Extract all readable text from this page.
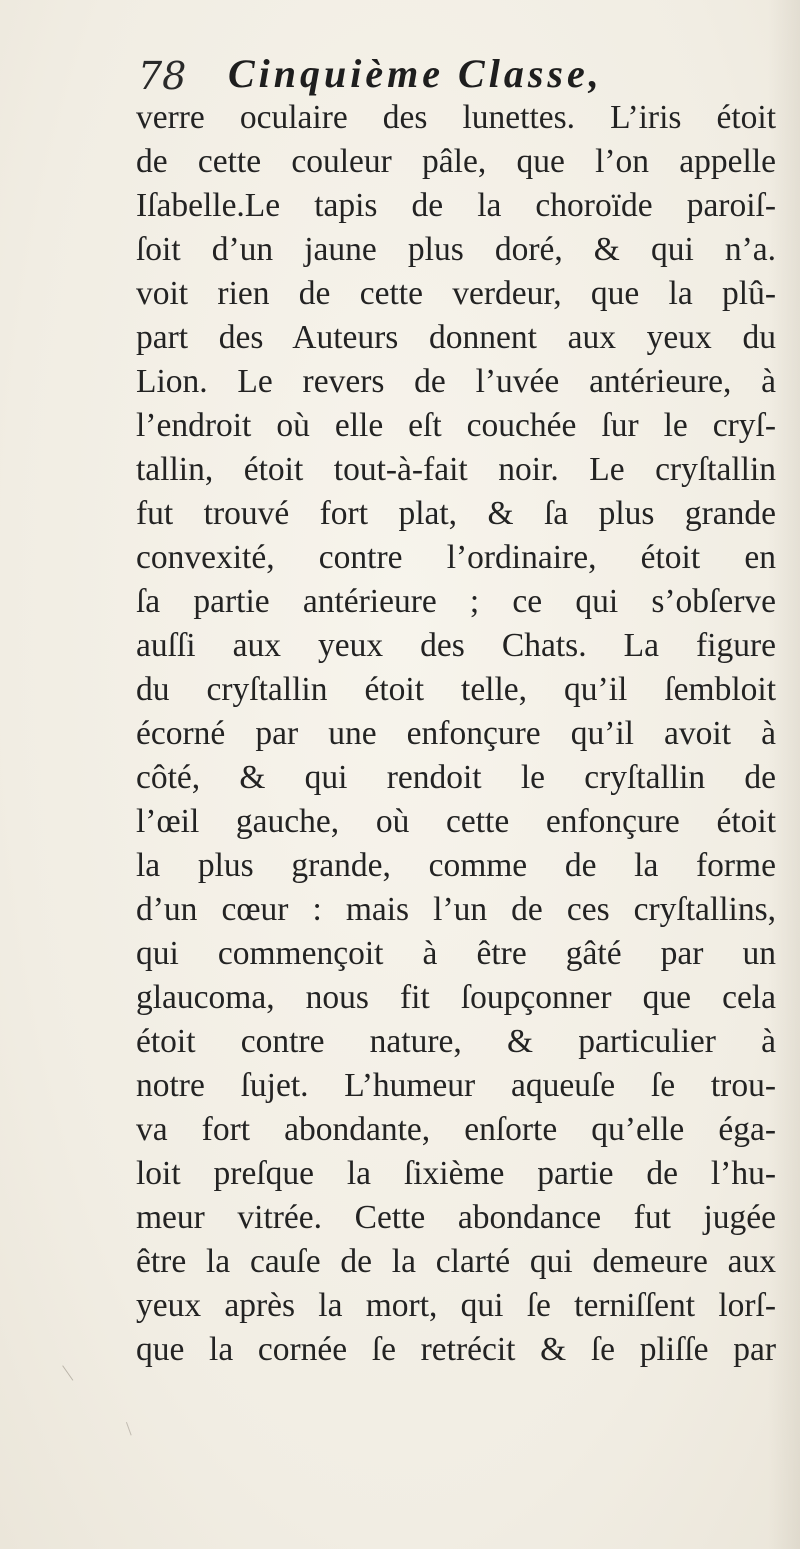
78 Cinquième Classe,
verre oculaire des lunettes. L’iris étoit
de cette couleur pâle, que l’on appelle
Iſabelle.Le tapis de la choroïde paroiſ-
ſoit d’un jaune plus doré, & qui n’a.
voit rien de cette verdeur, que la plû-
part des Auteurs donnent aux yeux du
Lion. Le revers de l’uvée antérieure, à
l’endroit où elle eſt couchée ſur le cryſ-
tallin, étoit tout-à-fait noir. Le cryſtallin
fut trouvé fort plat, & ſa plus grande
convexité, contre l’ordinaire, étoit en
ſa partie antérieure ; ce qui s’obſerve
auſſi aux yeux des Chats. La figure
du cryſtallin étoit telle, qu’il ſembloit
écorné par une enfonçure qu’il avoit à
côté, & qui rendoit le cryſtallin de
l’œil gauche, où cette enfonçure étoit
la plus grande, comme de la forme
d’un cœur : mais l’un de ces cryſtallins,
qui commençoit à être gâté par un
glaucoma, nous fit ſoupçonner que cela
étoit contre nature, & particulier à
notre ſujet. L’humeur aqueuſe ſe trou-
va fort abondante, enſorte qu’elle éga-
loit preſque la ſixième partie de l’hu-
meur vitrée. Cette abondance fut jugée
être la cauſe de la clarté qui demeure aux
yeux après la mort, qui ſe terniſſent lorſ-
que la cornée ſe retrécit & ſe pliſſe par
